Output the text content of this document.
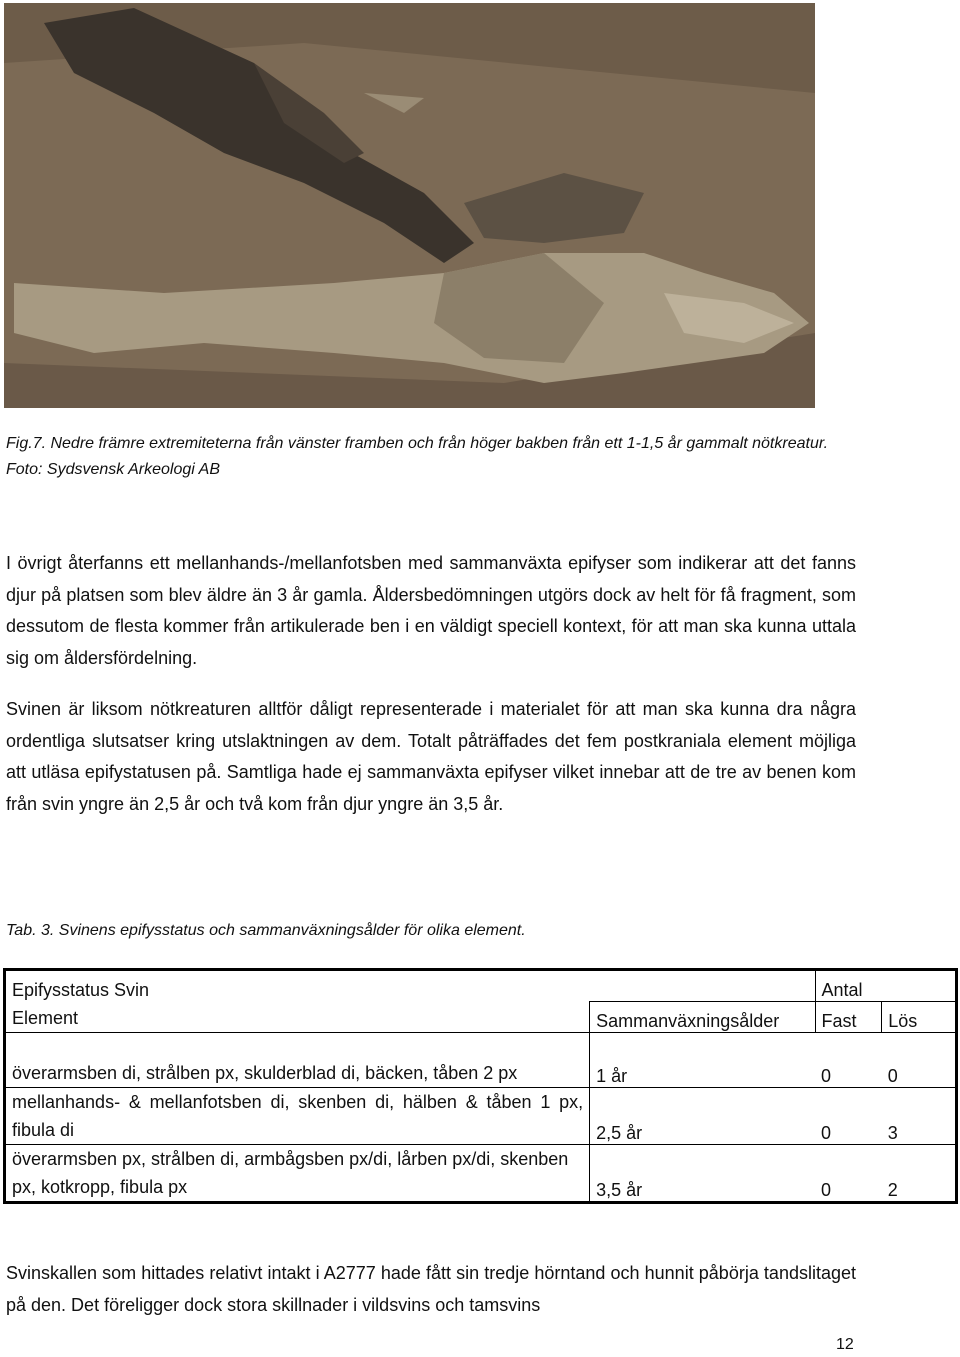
Fig.7. Nedre främre extremiteterna från vänster framben och från höger bakben från ett 1-1,5 år gammalt nötkreatur. Foto: Sydsvensk Arkeologi AB
I övrigt återfanns ett mellanhands-/mellanfotsben med sammanväxta epifyser som indikerar att det fanns djur på platsen som blev äldre än 3 år gamla. Åldersbedömningen utgörs dock av helt för få fragment, som dessutom de flesta kommer från artikulerade ben i en väldigt speciell kontext, för att man ska kunna uttala sig om åldersfördelning.
Svinen är liksom nötkreaturen alltför dåligt representerade i materialet för att man ska kunna dra några ordentliga slutsatser kring utslaktningen av dem. Totalt påträffades det fem postkraniala element möjliga att utläsa epifystatusen på. Samtliga hade ej sammanväxta epifyser vilket innebar att de tre av benen kom från svin yngre än 2,5 år och två kom från djur yngre än 3,5 år.
Tab. 3. Svinens epifysstatus och sammanväxningsålder för olika element.
Epifysstatus Svin		Antal	
Element	Sammanväxningsålder	Fast	Lös
överarmsben di, strålben px, skulderblad di, bäcken, tåben 2 px	1 år	0	0
mellanhands- & mellanfotsben di, skenben di, hälben & tåben 1 px, fibula di	2,5 år	0	3
överarmsben px, strålben di, armbågsben px/di, lårben px/di, skenben px, kotkropp, fibula px	3,5 år	0	2
Svinskallen som hittades relativt intakt i A2777 hade fått sin tredje hörntand och hunnit påbörja tandslitaget på den. Det föreligger dock stora skillnader i vildsvins och tamsvins
12
